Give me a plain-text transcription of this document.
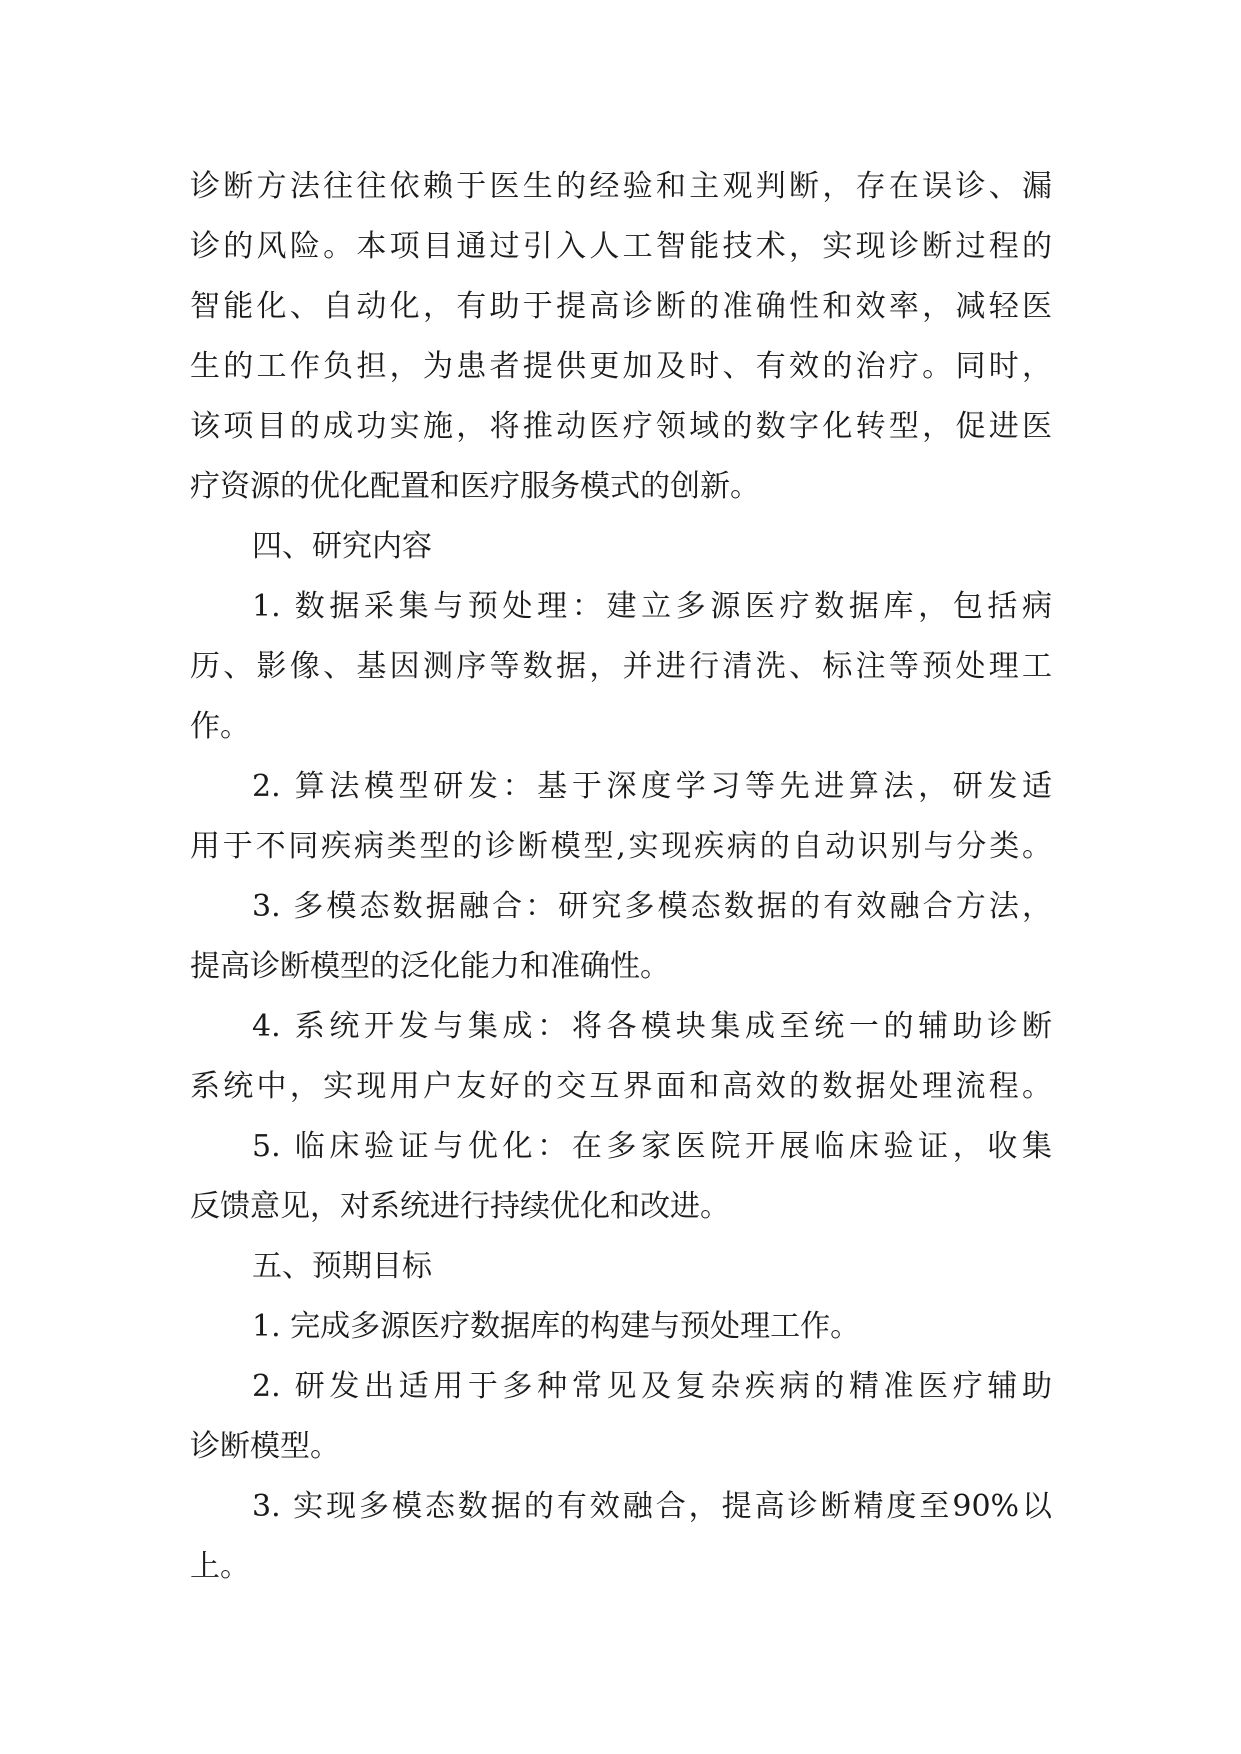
诊断方法往往依赖于医生的经验和主观判断，存在误诊、漏
诊的风险。本项目通过引入人工智能技术，实现诊断过程的
智能化、自动化，有助于提高诊断的准确性和效率，减轻医
生的工作负担，为患者提供更加及时、有效的治疗。同时，
该项目的成功实施，将推动医疗领域的数字化转型，促进医
疗资源的优化配置和医疗服务模式的创新。
四、研究内容
1. 数据采集与预处理：建立多源医疗数据库，包括病
历、影像、基因测序等数据，并进行清洗、标注等预处理工
作。
2. 算法模型研发：基于深度学习等先进算法，研发适
用于不同疾病类型的诊断模型,实现疾病的自动识别与分类。
3. 多模态数据融合：研究多模态数据的有效融合方法，
提高诊断模型的泛化能力和准确性。
4. 系统开发与集成：将各模块集成至统一的辅助诊断
系统中，实现用户友好的交互界面和高效的数据处理流程。
5. 临床验证与优化：在多家医院开展临床验证，收集
反馈意见，对系统进行持续优化和改进。
五、预期目标
1. 完成多源医疗数据库的构建与预处理工作。
2. 研发出适用于多种常见及复杂疾病的精准医疗辅助
诊断模型。
3. 实现多模态数据的有效融合，提高诊断精度至90%以
上。
